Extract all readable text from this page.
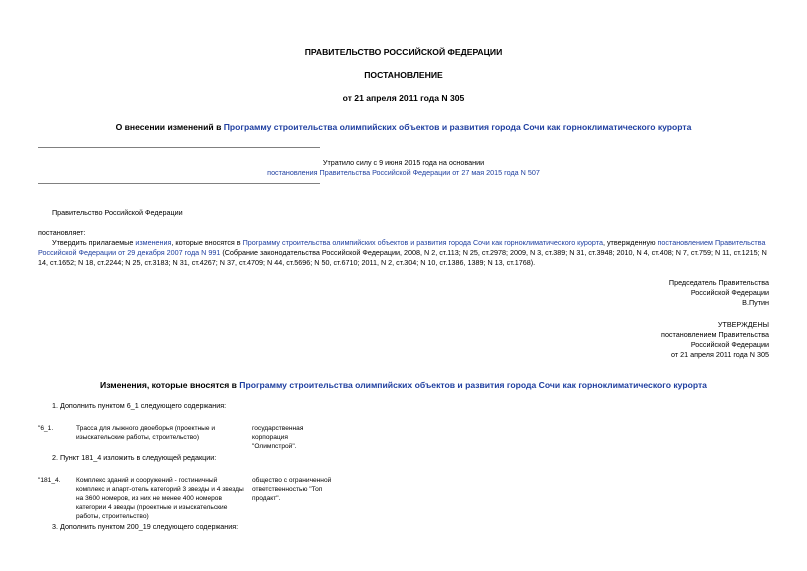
ПРАВИТЕЛЬСТВО РОССИЙСКОЙ ФЕДЕРАЦИИ
ПОСТАНОВЛЕНИЕ
от 21 апреля 2011 года N 305
О внесении изменений в Программу строительства олимпийских объектов и развития города Сочи как горноклиматического курорта
Утратило силу с 9 июня 2015 года на основании
постановления Правительства Российской Федерации от 27 мая 2015 года N 507
Правительство Российской Федерации
постановляет:
Утвердить прилагаемые изменения, которые вносятся в Программу строительства олимпийских объектов и развития города Сочи как горноклиматического курорта, утвержденную постановлением Правительства Российской Федерации от 29 декабря 2007 года N 991 (Собрание законодательства Российской Федерации, 2008, N 2, ст.113; N 25, ст.2978; 2009, N 3, ст.389; N 31, ст.3948; 2010, N 4, ст.408; N 7, ст.759; N 11, ст.1215; N 14, ст.1652; N 18, ст.2244; N 25, ст.3183; N 31, ст.4267; N 37, ст.4709; N 44, ст.5696; N 50, ст.6710; 2011, N 2, ст.304; N 10, ст.1386, 1389; N 13, ст.1768).
Председатель Правительства
Российской Федерации
В.Путин
УТВЕРЖДЕНЫ
постановлением Правительства
Российской Федерации
от 21 апреля 2011 года N 305
Изменения, которые вносятся в Программу строительства олимпийских объектов и развития города Сочи как горноклиматического курорта
1. Дополнить пунктом 6_1 следующего содержания:
"6_1.	Трасса для лыжного двоеборья (проектные и изыскательские работы, строительство)
государственная корпорация "Олимпстрой".
2. Пункт 181_4 изложить в следующей редакции:
"181_4. Комплекс зданий и сооружений - гостиничный комплекс и апарт-отель категорий 3 звезды и 4 звезды на 3600 номеров, из них не менее 400 номеров категории 4 звезды (проектные и изыскательские работы, строительство)
общество с ограниченной ответственностью "Топ продакт".
3. Дополнить пунктом 200_19 следующего содержания:
